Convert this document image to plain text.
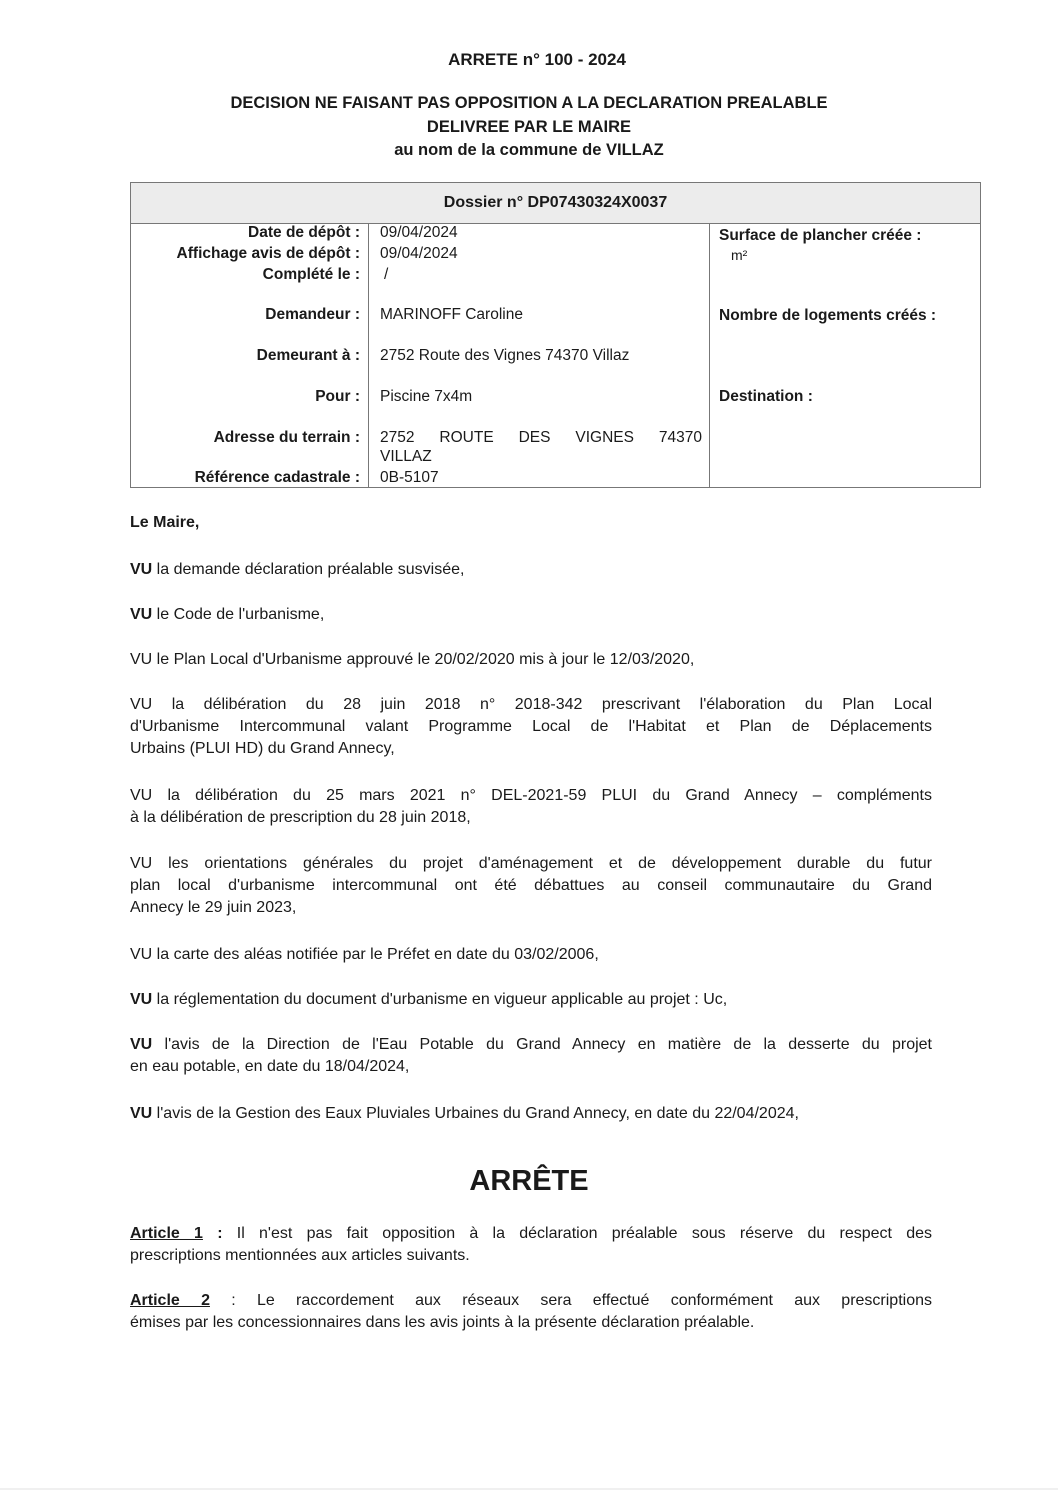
ARRETE n° 100 - 2024
DECISION NE FAISANT PAS OPPOSITION A LA DECLARATION PREALABLE
DELIVREE PAR LE MAIRE
au nom de la commune de VILLAZ
Dossier n° DP07430324X0037
Date de dépôt : 09/04/2024
Affichage avis de dépôt : 09/04/2024
Complété le : /
Demandeur : MARINOFF Caroline
Demeurant à : 2752 Route des Vignes 74370 Villaz
Pour : Piscine 7x4m
Adresse du terrain : 2752 ROUTE DES VIGNES 74370
VILLAZ
Référence cadastrale : 0B-5107
Surface de plancher créée :
m²
Nombre de logements créés :
Destination :
Le Maire,
VU la demande déclaration préalable susvisée,
VU le Code de l'urbanisme,
VU le Plan Local d'Urbanisme approuvé le 20/02/2020 mis à jour le 12/03/2020,
VU la délibération du 28 juin 2018 n° 2018-342 prescrivant l'élaboration du Plan Local
d'Urbanisme Intercommunal valant Programme Local de l'Habitat et Plan de Déplacements
Urbains (PLUI HD) du Grand Annecy,
VU la délibération du 25 mars 2021 n° DEL-2021-59 PLUI du Grand Annecy – compléments
à la délibération de prescription du 28 juin 2018,
VU les orientations générales du projet d'aménagement et de développement durable du futur
plan local d'urbanisme intercommunal ont été débattues au conseil communautaire du Grand
Annecy le 29 juin 2023,
VU la carte des aléas notifiée par le Préfet en date du 03/02/2006,
VU la réglementation du document d'urbanisme en vigueur applicable au projet : Uc,
VU l'avis de la Direction de l'Eau Potable du Grand Annecy en matière de la desserte du projet
en eau potable, en date du 18/04/2024,
VU l'avis de la Gestion des Eaux Pluviales Urbaines du Grand Annecy, en date du 22/04/2024,
ARRÊTE
Article 1 : Il n'est pas fait opposition à la déclaration préalable sous réserve du respect des
prescriptions mentionnées aux articles suivants.
Article 2 : Le raccordement aux réseaux sera effectué conformément aux prescriptions
émises par les concessionnaires dans les avis joints à la présente déclaration préalable.
